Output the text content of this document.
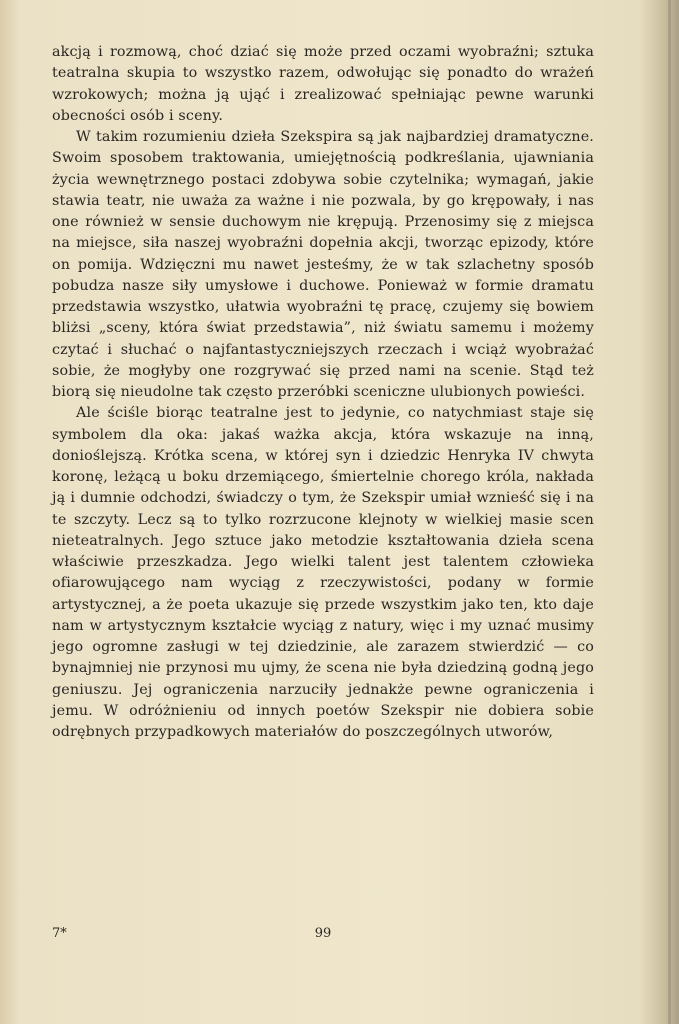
akcją i rozmową, choć dziać się może przed oczami wyobraźni; sztuka teatralna skupia to wszystko razem, odwołując się ponadto do wrażeń wzrokowych; można ją ująć i zrealizować spełniając pewne warunki obecności osób i sceny.

W takim rozumieniu dzieła Szekspira są jak najbardziej dramatyczne. Swoim sposobem traktowania, umiejętnością podkreślania, ujawniania życia wewnętrznego postaci zdobywa sobie czytelnika; wymagań, jakie stawia teatr, nie uważa za ważne i nie pozwala, by go krępowały, i nas one również w sensie duchowym nie krępują. Przenosimy się z miejsca na miejsce, siła naszej wyobraźni dopełnia akcji, tworząc epizody, które on pomija. Wdzięczni mu nawet jesteśmy, że w tak szlachetny sposób pobudza nasze siły umysłowe i duchowe. Ponieważ w formie dramatu przedstawia wszystko, ułatwia wyobraźni tę pracę, czujemy się bowiem bliżsi „sceny, która świat przedstawia”, niż światu samemu i możemy czytać i słuchać o najfantastyczniejszych rzeczach i wciąż wyobrażać sobie, że mogłyby one rozgrywać się przed nami na scenie. Stąd też biorą się nieudolne tak często przeróbki sceniczne ulubionych powieści.

Ale ściśle biorąc teatralne jest to jedynie, co natychmiast staje się symbolem dla oka: jakaś ważka akcja, która wskazuje na inną, donioślejszą. Krótka scena, w której syn i dziedzic Henryka IV chwyta koronę, leżącą u boku drzemiącego, śmiertelnie chorego króla, nakłada ją i dumnie odchodzi, świadczy o tym, że Szekspir umiał wznieść się i na te szczyty. Lecz są to tylko rozrzucone klejnoty w wielkiej masie scen nieteatralnych. Jego sztuce jako metodzie kształtowania dzieła scena właściwie przeszkadza. Jego wielki talent jest talentem człowieka ofiarowującego nam wyciąg z rzeczywistości, podany w formie artystycznej, a że poeta ukazuje się przede wszystkim jako ten, kto daje nam w artystycznym kształcie wyciąg z natury, więc i my uznać musimy jego ogromne zasługi w tej dziedzinie, ale zarazem stwierdzić — co bynajmniej nie przynosi mu ujmy, że scena nie była dziedziną godną jego geniuszu. Jej ograniczenia narzuciły jednakże pewne ograniczenia i jemu. W odróżnieniu od innych poetów Szekspir nie dobiera sobie odrębnych przypadkowych materiałów do poszczególnych utworów,

7*	99
